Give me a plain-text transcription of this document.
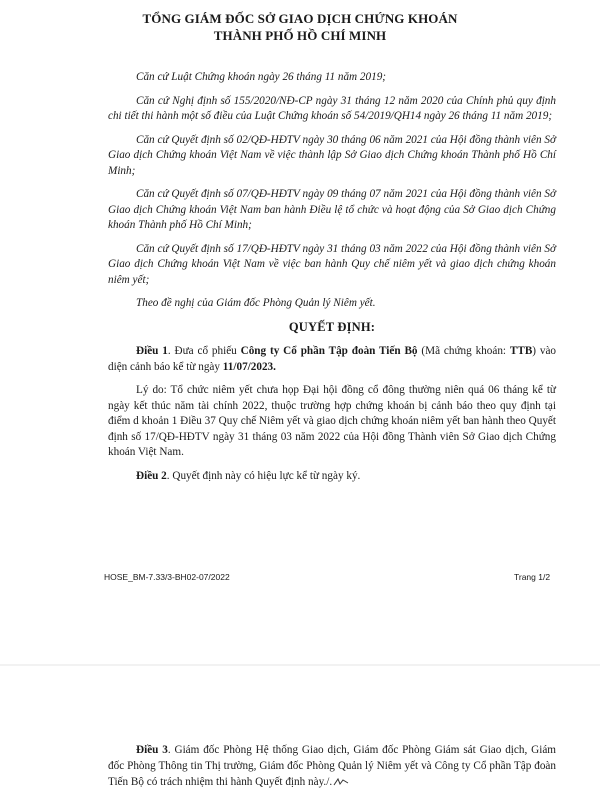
TỔNG GIÁM ĐỐC SỞ GIAO DỊCH CHỨNG KHOÁN
THÀNH PHỐ HỒ CHÍ MINH

Căn cứ Luật Chứng khoán ngày 26 tháng 11 năm 2019;

Căn cứ Nghị định số 155/2020/NĐ-CP ngày 31 tháng 12 năm 2020 của Chính phủ quy định chi tiết thi hành một số điều của Luật Chứng khoán số 54/2019/QH14 ngày 26 tháng 11 năm 2019;

Căn cứ Quyết định số 02/QĐ-HĐTV ngày 30 tháng 06 năm 2021 của Hội đồng thành viên Sở Giao dịch Chứng khoán Việt Nam về việc thành lập Sở Giao dịch Chứng khoán Thành phố Hồ Chí Minh;

Căn cứ Quyết định số 07/QĐ-HĐTV ngày 09 tháng 07 năm 2021 của Hội đồng thành viên Sở Giao dịch Chứng khoán Việt Nam ban hành Điều lệ tổ chức và hoạt động của Sở Giao dịch Chứng khoán Thành phố Hồ Chí Minh;

Căn cứ Quyết định số 17/QĐ-HĐTV ngày 31 tháng 03 năm 2022 của Hội đồng thành viên Sở Giao dịch Chứng khoán Việt Nam về việc ban hành Quy chế niêm yết và giao dịch chứng khoán niêm yết;

Theo đề nghị của Giám đốc Phòng Quản lý Niêm yết.

QUYẾT ĐỊNH:

Điều 1. Đưa cổ phiếu Công ty Cổ phần Tập đoàn Tiến Bộ (Mã chứng khoán: TTB) vào diện cảnh báo kể từ ngày 11/07/2023.

Lý do: Tổ chức niêm yết chưa họp Đại hội đồng cổ đông thường niên quá 06 tháng kể từ ngày kết thúc năm tài chính 2022, thuộc trường hợp chứng khoán bị cảnh báo theo quy định tại điểm d khoản 1 Điều 37 Quy chế Niêm yết và giao dịch chứng khoán niêm yết ban hành theo Quyết định số 17/QĐ-HĐTV ngày 31 tháng 03 năm 2022 của Hội đồng Thành viên Sở Giao dịch Chứng khoán Việt Nam.

Điều 2. Quyết định này có hiệu lực kể từ ngày ký.

HOSE_BM-7.33/3-BH02-07/2022	Trang 1/2

Điều 3. Giám đốc Phòng Hệ thống Giao dịch, Giám đốc Phòng Giám sát Giao dịch, Giám đốc Phòng Thông tin Thị trường, Giám đốc Phòng Quản lý Niêm yết và Công ty Cổ phần Tập đoàn Tiến Bộ có trách nhiệm thi hành Quyết định này./.
